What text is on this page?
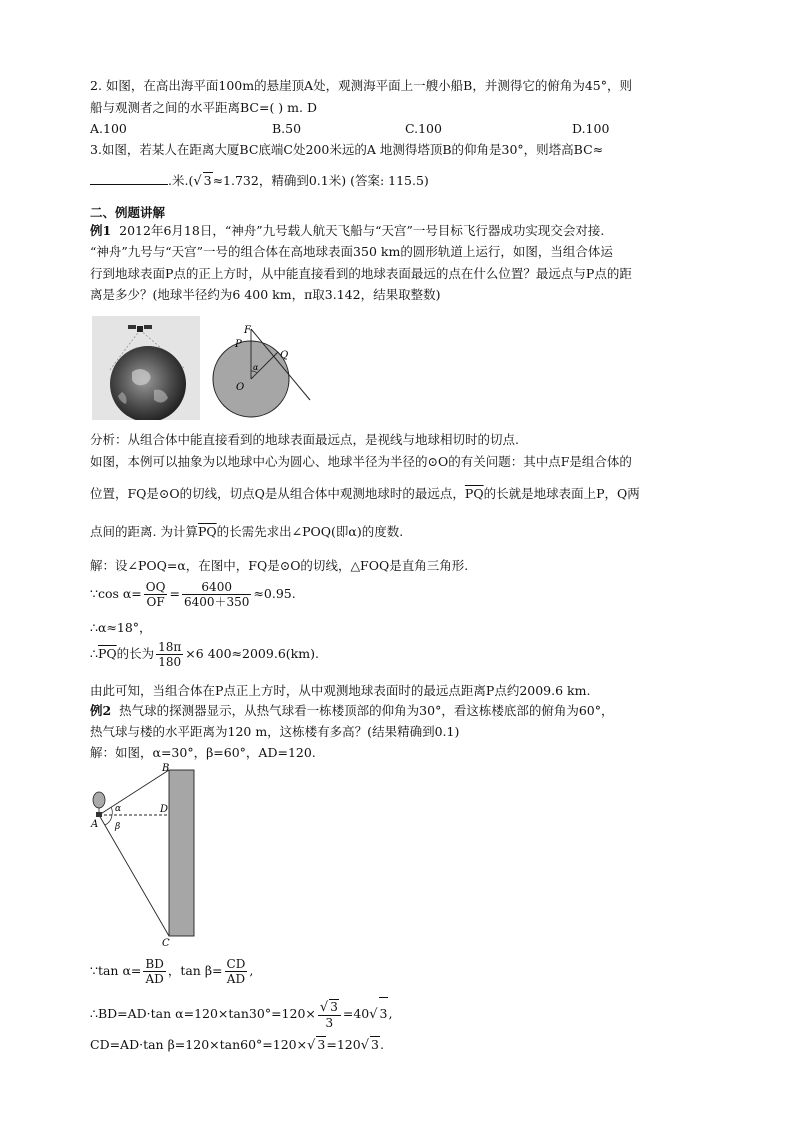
2. 如图，在高出海平面100m的悬崖顶A处，观测海平面上一艘小船B，并测得它的俯角为45°，则
船与观测者之间的水平距离BC=( ) m. D
A.100	B.50	C.100	D.100
3.如图，若某人在距离大厦BC底端C处200米远的A 地测得塔顶B的仰角是30°，则塔高BC≈
.米.(√ 3≈1.732，精确到0.1米) (答案: 115.5)
二、例题讲解
例1 2012年6月18日，“神舟”九号载人航天飞船与“天宫”一号目标飞行器成功实现交会对接.
“神舟”九号与“天宫”一号的组合体在高地球表面350 km的圆形轨道上运行，如图，当组合体运
行到地球表面P点的正上方时，从中能直接看到的地球表面最远的点在什么位置？最远点与P点的距
离是多少？(地球半径约为6 400 km，π取3.142，结果取整数)
F
P
Q
O
α
分析：从组合体中能直接看到的地球表面最远点，是视线与地球相切时的切点.
如图，本例可以抽象为以地球中心为圆心、地球半径为半径的⊙O的有关问题：其中点F是组合体的
位置，FQ是⊙O的切线，切点Q是从组合体中观测地球时的最远点，$\overline{PQ}$的长就是地球表面上P，Q两
点间的距离. 为计算$\overline{PQ}$的长需先求出∠POQ(即α)的度数.
解：设∠POQ=α，在图中，FQ是⊙O的切线，△FOQ是直角三角形.
∵cos $\alpha= \frac{OQ}{OF} = \frac{6400}{6400+350} \approx 0.95$.
∴α≈18°，
$\therefore\overline{PQ}$的长为 $\frac{18\pi}{180} \times 6$ 400≈2009.6(km).
由此可知，当组合体在P点正上方时，从中观测地球表面时的最远点距离P点约2009.6 km.
例2 热气球的探测器显示，从热气球看一栋楼顶部的仰角为30°，看这栋楼底部的俯角为60°，
热气球与楼的水平距离为120 m，这栋楼有多高？(结果精确到0.1)
解：如图，α=30°，β=60°，AD=120.
B
D
A
C
α
β
∵tan $\alpha= \frac{BD}{AD}$ ，$\tan \beta= \frac{CD}{AD}$ ,
∴BD=AD·tan $\alpha=120\times\tan 30^\circ=120\times \frac{√ 3}{3} =40√$ 3,
CD=AD·tan β=120×tan60°=120×√ 3=120√ 3.
